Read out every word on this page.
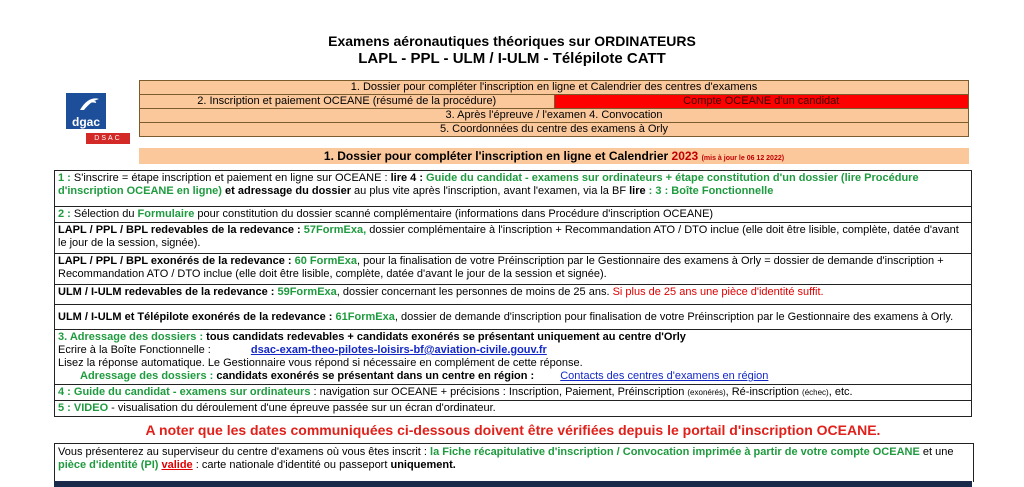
Examens aéronautiques théoriques sur ORDINATEURS
LAPL - PPL - ULM / I-ULM - Télépilote CATT
dgac
DSAC
1. Dossier pour compléter l'inscription en ligne et Calendrier des centres d'examens
2. Inscription et paiement OCEANE (résumé de la procédure)	Compte OCEANE d'un candidat
3. Après l'épreuve / l'examen 4. Convocation
5. Coordonnées du centre des examens à Orly
1. Dossier pour compléter l'inscription en ligne et Calendrier 2023 (mis à jour le 06 12 2022)
1 : S'inscrire = étape inscription et paiement en ligne sur OCEANE : lire 4 : Guide du candidat - examens sur ordinateurs + étape constitution d'un dossier (lire Procédure d'inscription OCEANE en ligne) et adressage du dossier au plus vite après l'inscription, avant l'examen, via la BF lire : 3 : Boîte Fonctionnelle
2 : Sélection du Formulaire pour constitution du dossier scanné complémentaire (informations dans Procédure d'inscription OCEANE)
LAPL / PPL / BPL redevables de la redevance : 57FormExa, dossier complémentaire à l'inscription + Recommandation ATO / DTO inclue (elle doit être lisible, complète, datée d'avant le jour de la session, signée).
LAPL / PPL / BPL exonérés de la redevance : 60 FormExa, pour la finalisation de votre Préinscription par le Gestionnaire des examens à Orly = dossier de demande d'inscription + Recommandation ATO / DTO inclue (elle doit être lisible, complète, datée d'avant le jour de la session et signée).
ULM / I-ULM redevables de la redevance : 59FormExa, dossier concernant les personnes de moins de 25 ans. Si plus de 25 ans une pièce d'identité suffit.
ULM / I-ULM et Télépilote exonérés de la redevance : 61FormExa, dossier de demande d'inscription pour finalisation de votre Préinscription par le Gestionnaire des examens à Orly.

3. Adressage des dossiers : tous candidats redevables + candidats exonérés se présentant uniquement au centre d'Orly
Ecrire à la Boîte Fonctionnelle :	dsac-exam-theo-pilotes-loisirs-bf@aviation-civile.gouv.fr
Lisez la réponse automatique. Le Gestionnaire vous répond si nécessaire en complément de cette réponse.
Adressage des dossiers : candidats exonérés se présentant dans un centre en région : Contacts des centres d'examens en région

4 : Guide du candidat - examens sur ordinateurs : navigation sur OCEANE + précisions : Inscription, Paiement, Préinscription (exonérés), Ré-inscription (échec), etc.
5 : VIDEO - visualisation du déroulement d'une épreuve passée sur un écran d'ordinateur.
A noter que les dates communiquées ci-dessous doivent être vérifiées depuis le portail d'inscription OCEANE.
Vous présenterez au superviseur du centre d'examens où vous êtes inscrit : la Fiche récapitulative d'inscription / Convocation imprimée à partir de votre compte OCEANE et une pièce d'identité (PI) valide : carte nationale d'identité ou passeport uniquement.
